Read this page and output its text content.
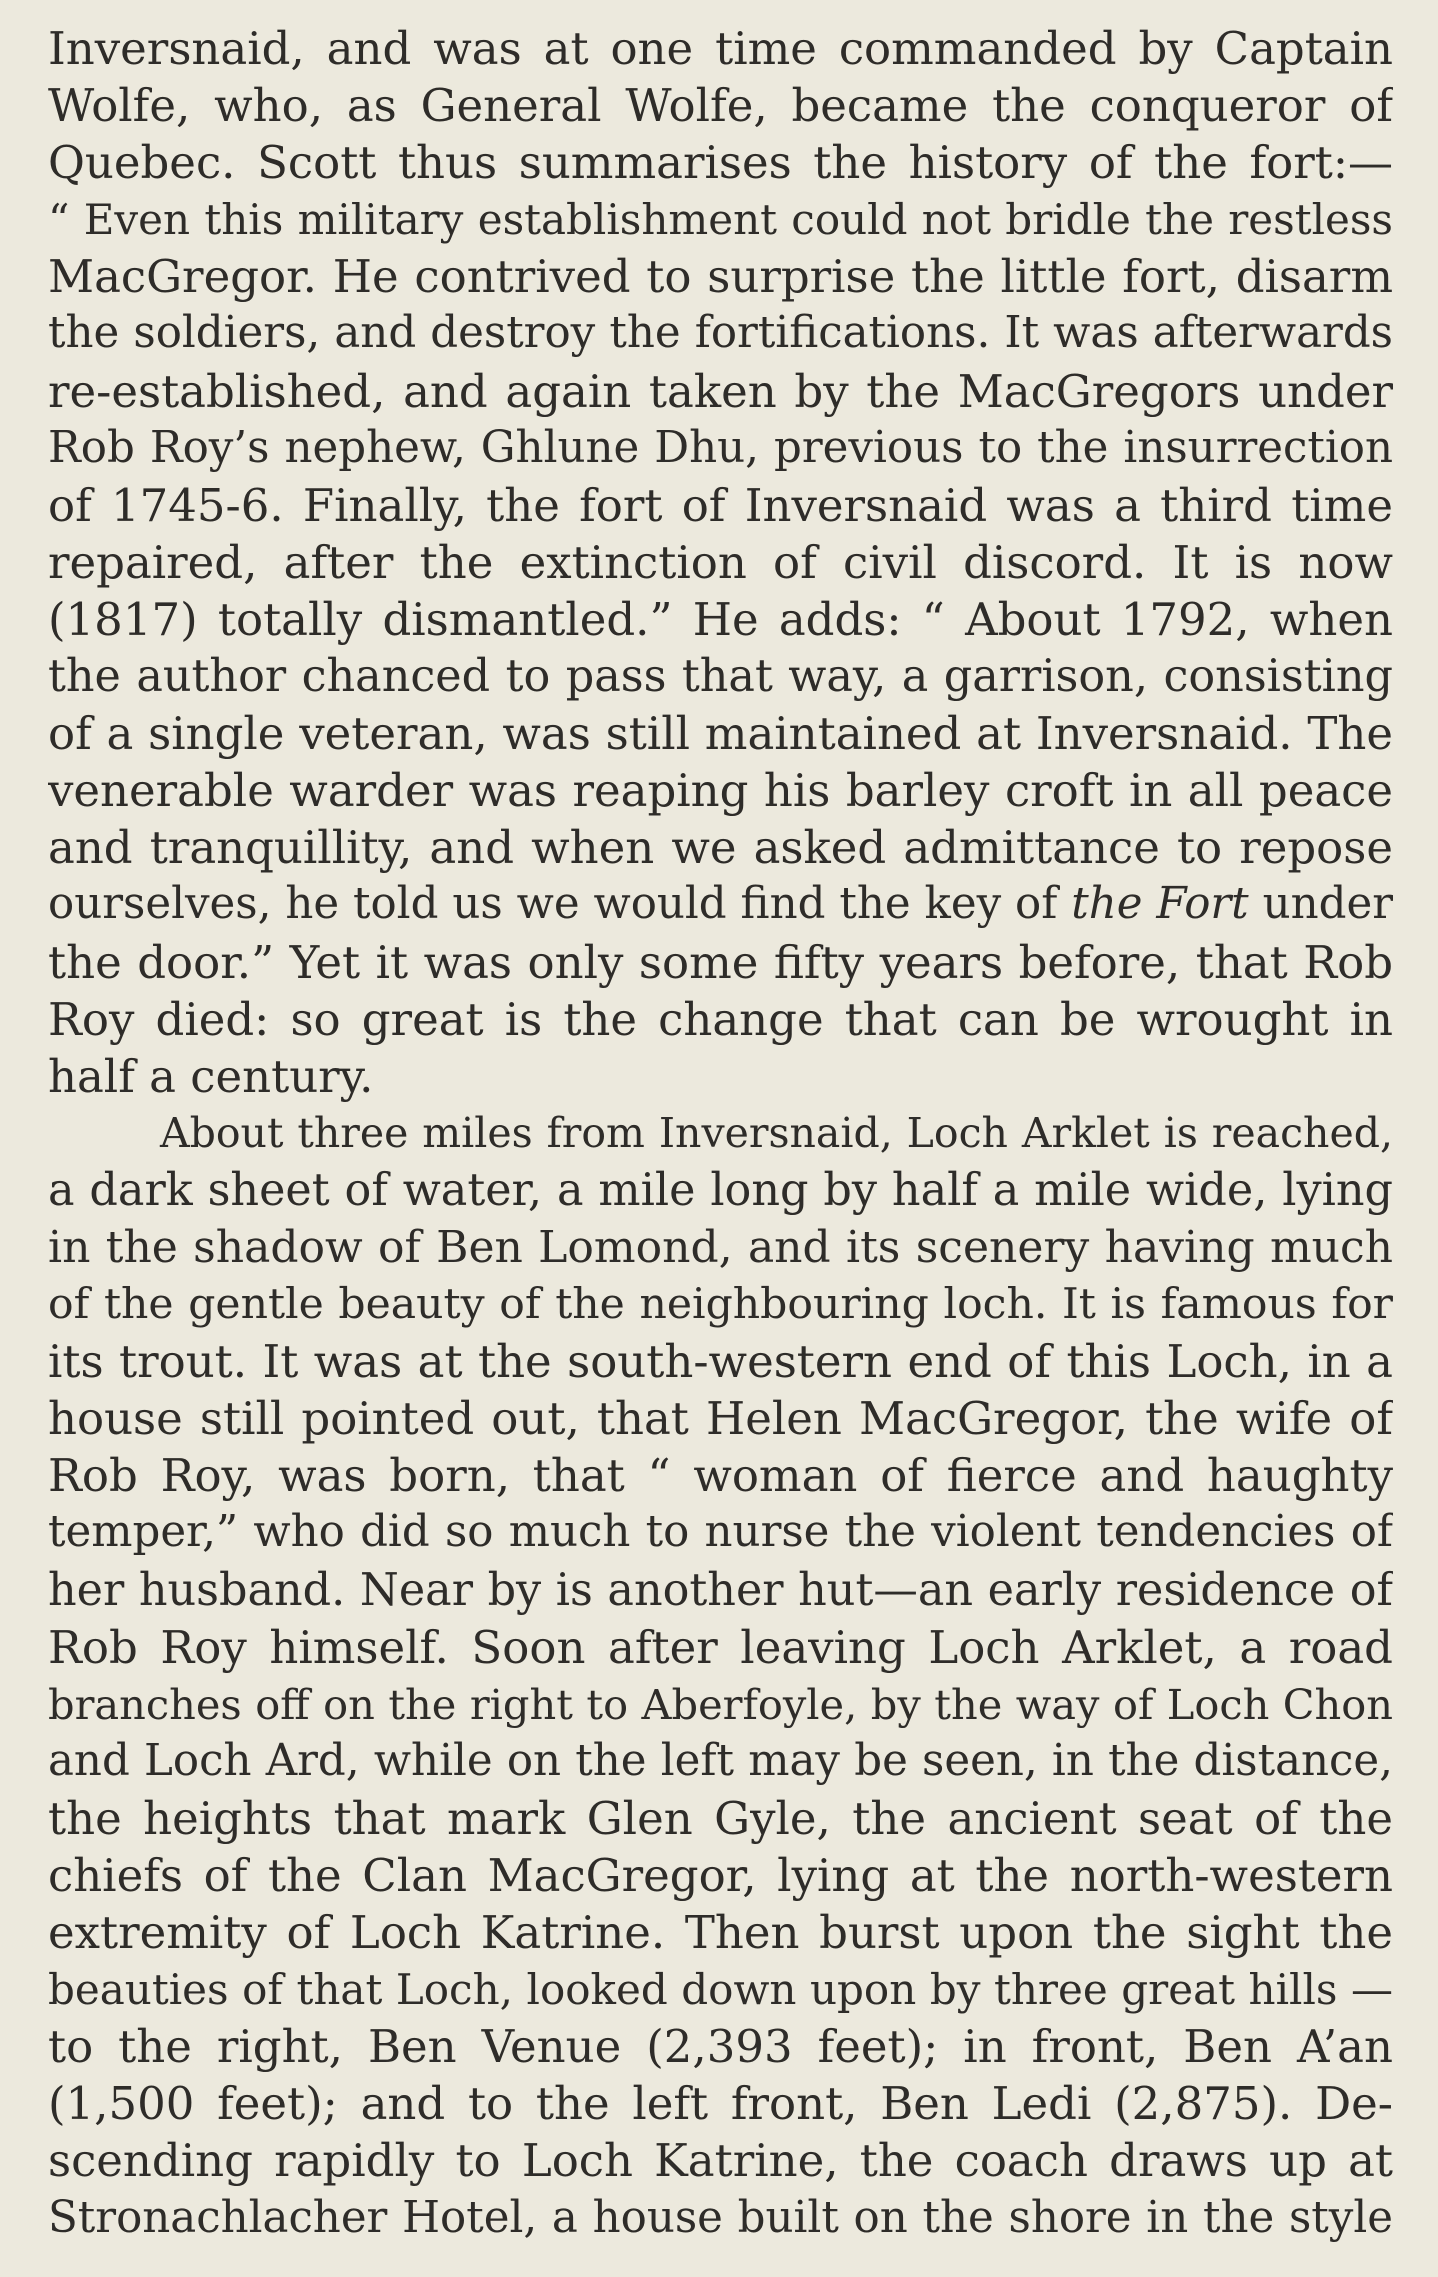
Inversnaid, and was at one time commanded by Captain
Wolfe, who, as General Wolfe, became the conqueror of
Quebec. Scott thus summarises the history of the fort:—
“ Even this military establishment could not bridle the restless
MacGregor. He contrived to surprise the little fort, disarm
the soldiers, and destroy the fortifications. It was afterwards
re-established, and again taken by the MacGregors under
Rob Roy’s nephew, Ghlune Dhu, previous to the insurrection
of 1745-6. Finally, the fort of Inversnaid was a third time
repaired, after the extinction of civil discord. It is now
(1817) totally dismantled.” He adds: “ About 1792, when
the author chanced to pass that way, a garrison, consisting
of a single veteran, was still maintained at Inversnaid. The
venerable warder was reaping his barley croft in all peace
and tranquillity, and when we asked admittance to repose
ourselves, he told us we would find the key of the Fort under
the door.” Yet it was only some fifty years before, that Rob
Roy died: so great is the change that can be wrought in
half a century.
About three miles from Inversnaid, Loch Arklet is reached,
a dark sheet of water, a mile long by half a mile wide, lying
in the shadow of Ben Lomond, and its scenery having much
of the gentle beauty of the neighbouring loch. It is famous for
its trout. It was at the south-western end of this Loch, in a
house still pointed out, that Helen MacGregor, the wife of
Rob Roy, was born, that “ woman of fierce and haughty
temper,” who did so much to nurse the violent tendencies of
her husband. Near by is another hut—an early residence of
Rob Roy himself. Soon after leaving Loch Arklet, a road
branches off on the right to Aberfoyle, by the way of Loch Chon
and Loch Ard, while on the left may be seen, in the distance,
the heights that mark Glen Gyle, the ancient seat of the
chiefs of the Clan MacGregor, lying at the north-western
extremity of Loch Katrine. Then burst upon the sight the
beauties of that Loch, looked down upon by three great hills —
to the right, Ben Venue (2,393 feet); in front, Ben A’an
(1,500 feet); and to the left front, Ben Ledi (2,875). De-
scending rapidly to Loch Katrine, the coach draws up at
Stronachlacher Hotel, a house built on the shore in the style
